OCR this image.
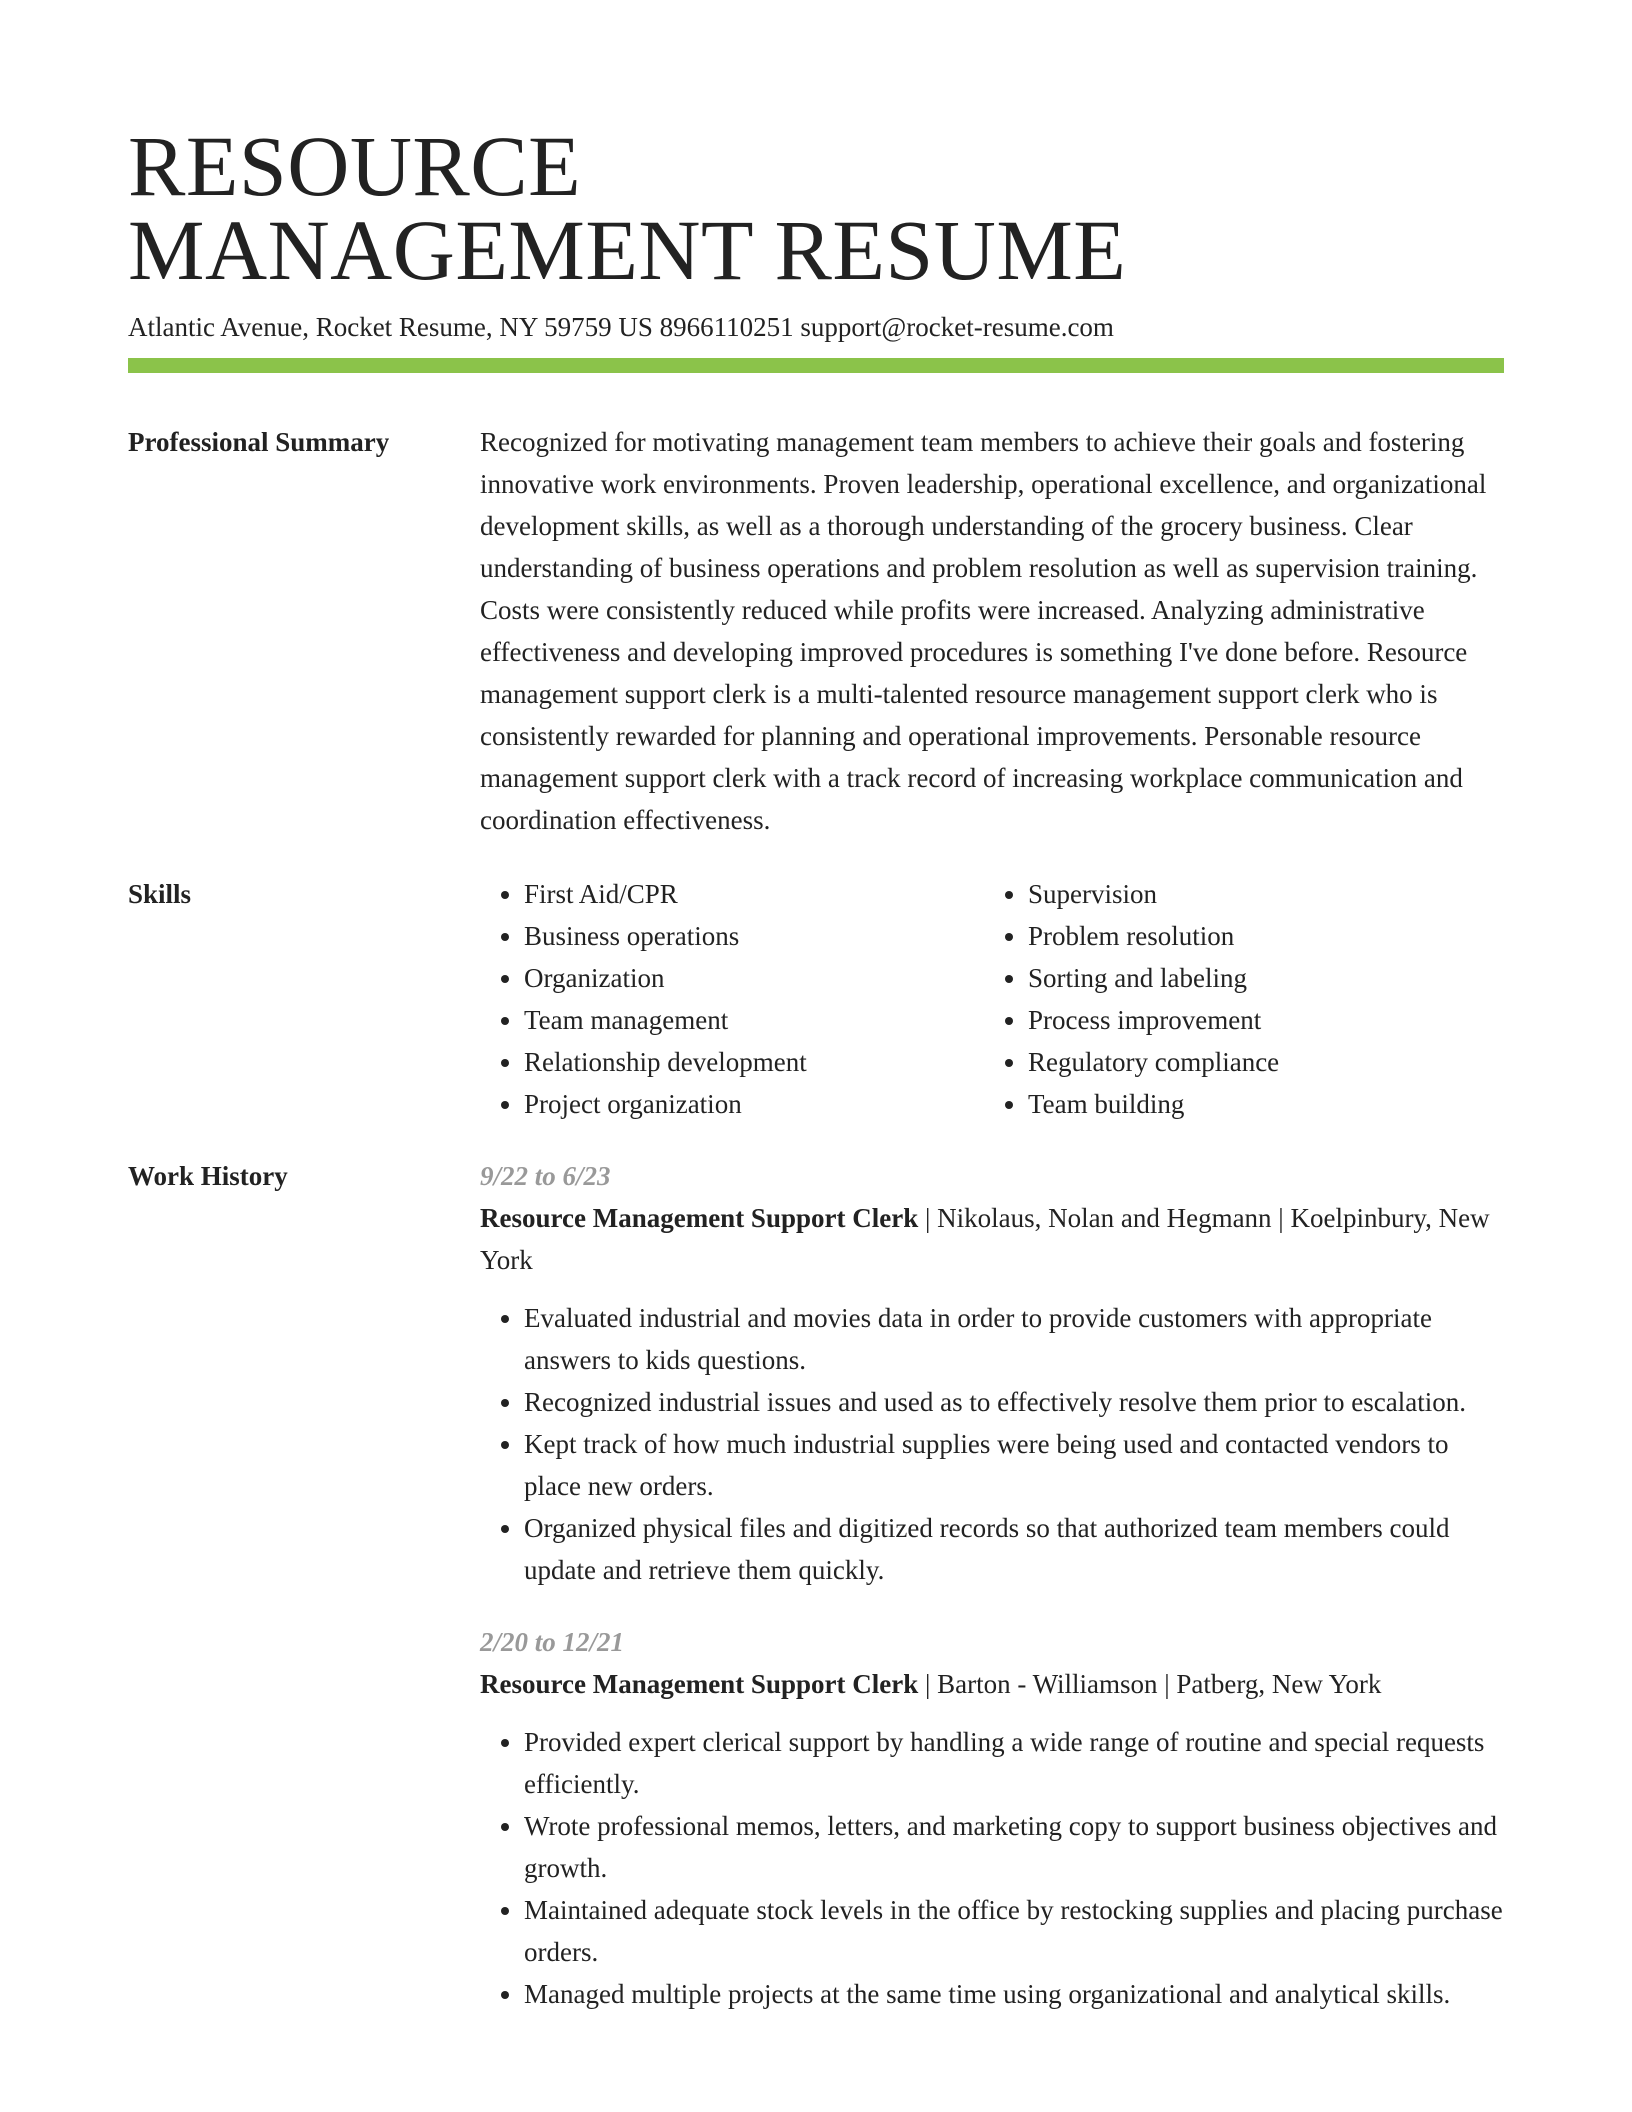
RESOURCE
MANAGEMENT RESUME
Atlantic Avenue, Rocket Resume, NY 59759 US 8966110251 support@rocket-resume.com
Professional Summary	Recognized for motivating management team members to achieve their goals and fostering innovative work environments. Proven leadership, operational excellence, and organizational development skills, as well as a thorough understanding of the grocery business. Clear understanding of business operations and problem resolution as well as supervision training. Costs were consistently reduced while profits were increased. Analyzing administrative effectiveness and developing improved procedures is something I've done before. Resource management support clerk is a multi-talented resource management support clerk who is consistently rewarded for planning and operational improvements. Personable resource management support clerk with a track record of increasing workplace communication and coordination effectiveness.

Skills
•	First Aid/CPR
• Business operations
• Organization
• Team management
• Relationship development
• Project organization
• Supervision
• Problem resolution
• Sorting and labeling
• Process improvement
• Regulatory compliance
• Team building
Work History	9/22 to 6/23

Resource Management Support Clerk | Nikolaus, Nolan and Hegmann | Koelpinbury, New York

• Evaluated industrial and movies data in order to provide customers with appropriate answers to kids questions.
• Recognized industrial issues and used as to effectively resolve them prior to escalation.
• Kept track of how much industrial supplies were being used and contacted vendors to place new orders.
• Organized physical files and digitized records so that authorized team members could update and retrieve them quickly.
2/20 to 12/21

Resource Management Support Clerk | Barton - Williamson | Patberg, New York

• Provided expert clerical support by handling a wide range of routine and special requests efficiently.
• Wrote professional memos, letters, and marketing copy to support business objectives and growth.
• Maintained adequate stock levels in the office by restocking supplies and placing purchase orders.
• Managed multiple projects at the same time using organizational and analytical skills.
